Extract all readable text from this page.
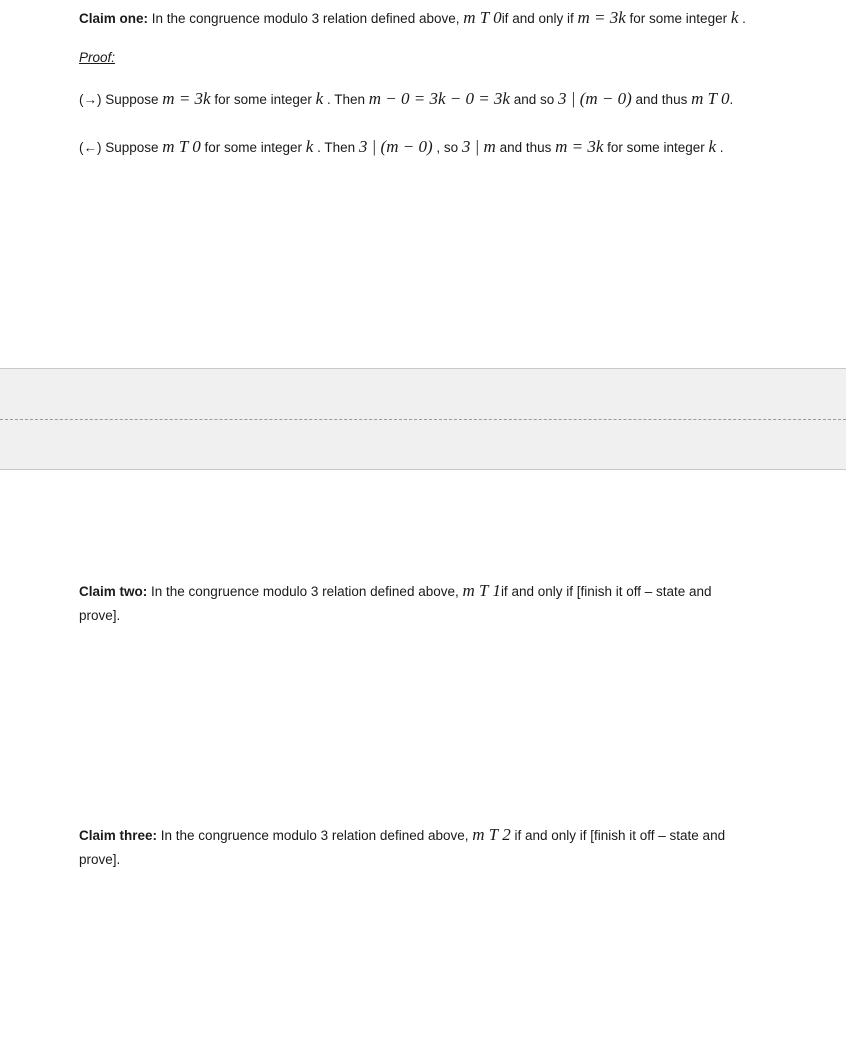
Claim one: In the congruence modulo 3 relation defined above, m T 0if and only if m = 3k for some integer k .
Proof:
(→) Suppose m = 3k for some integer k . Then m − 0 = 3k − 0 = 3k and so 3 | (m − 0) and thus m T 0.
(←) Suppose m T 0 for some integer k . Then 3 | (m − 0) , so 3 | m and thus m = 3k for some integer k .
Claim two: In the congruence modulo 3 relation defined above, m T 1if and only if [finish it off – state and
prove].
Claim three: In the congruence modulo 3 relation defined above, m T 2 if and only if [finish it off – state and
prove].
